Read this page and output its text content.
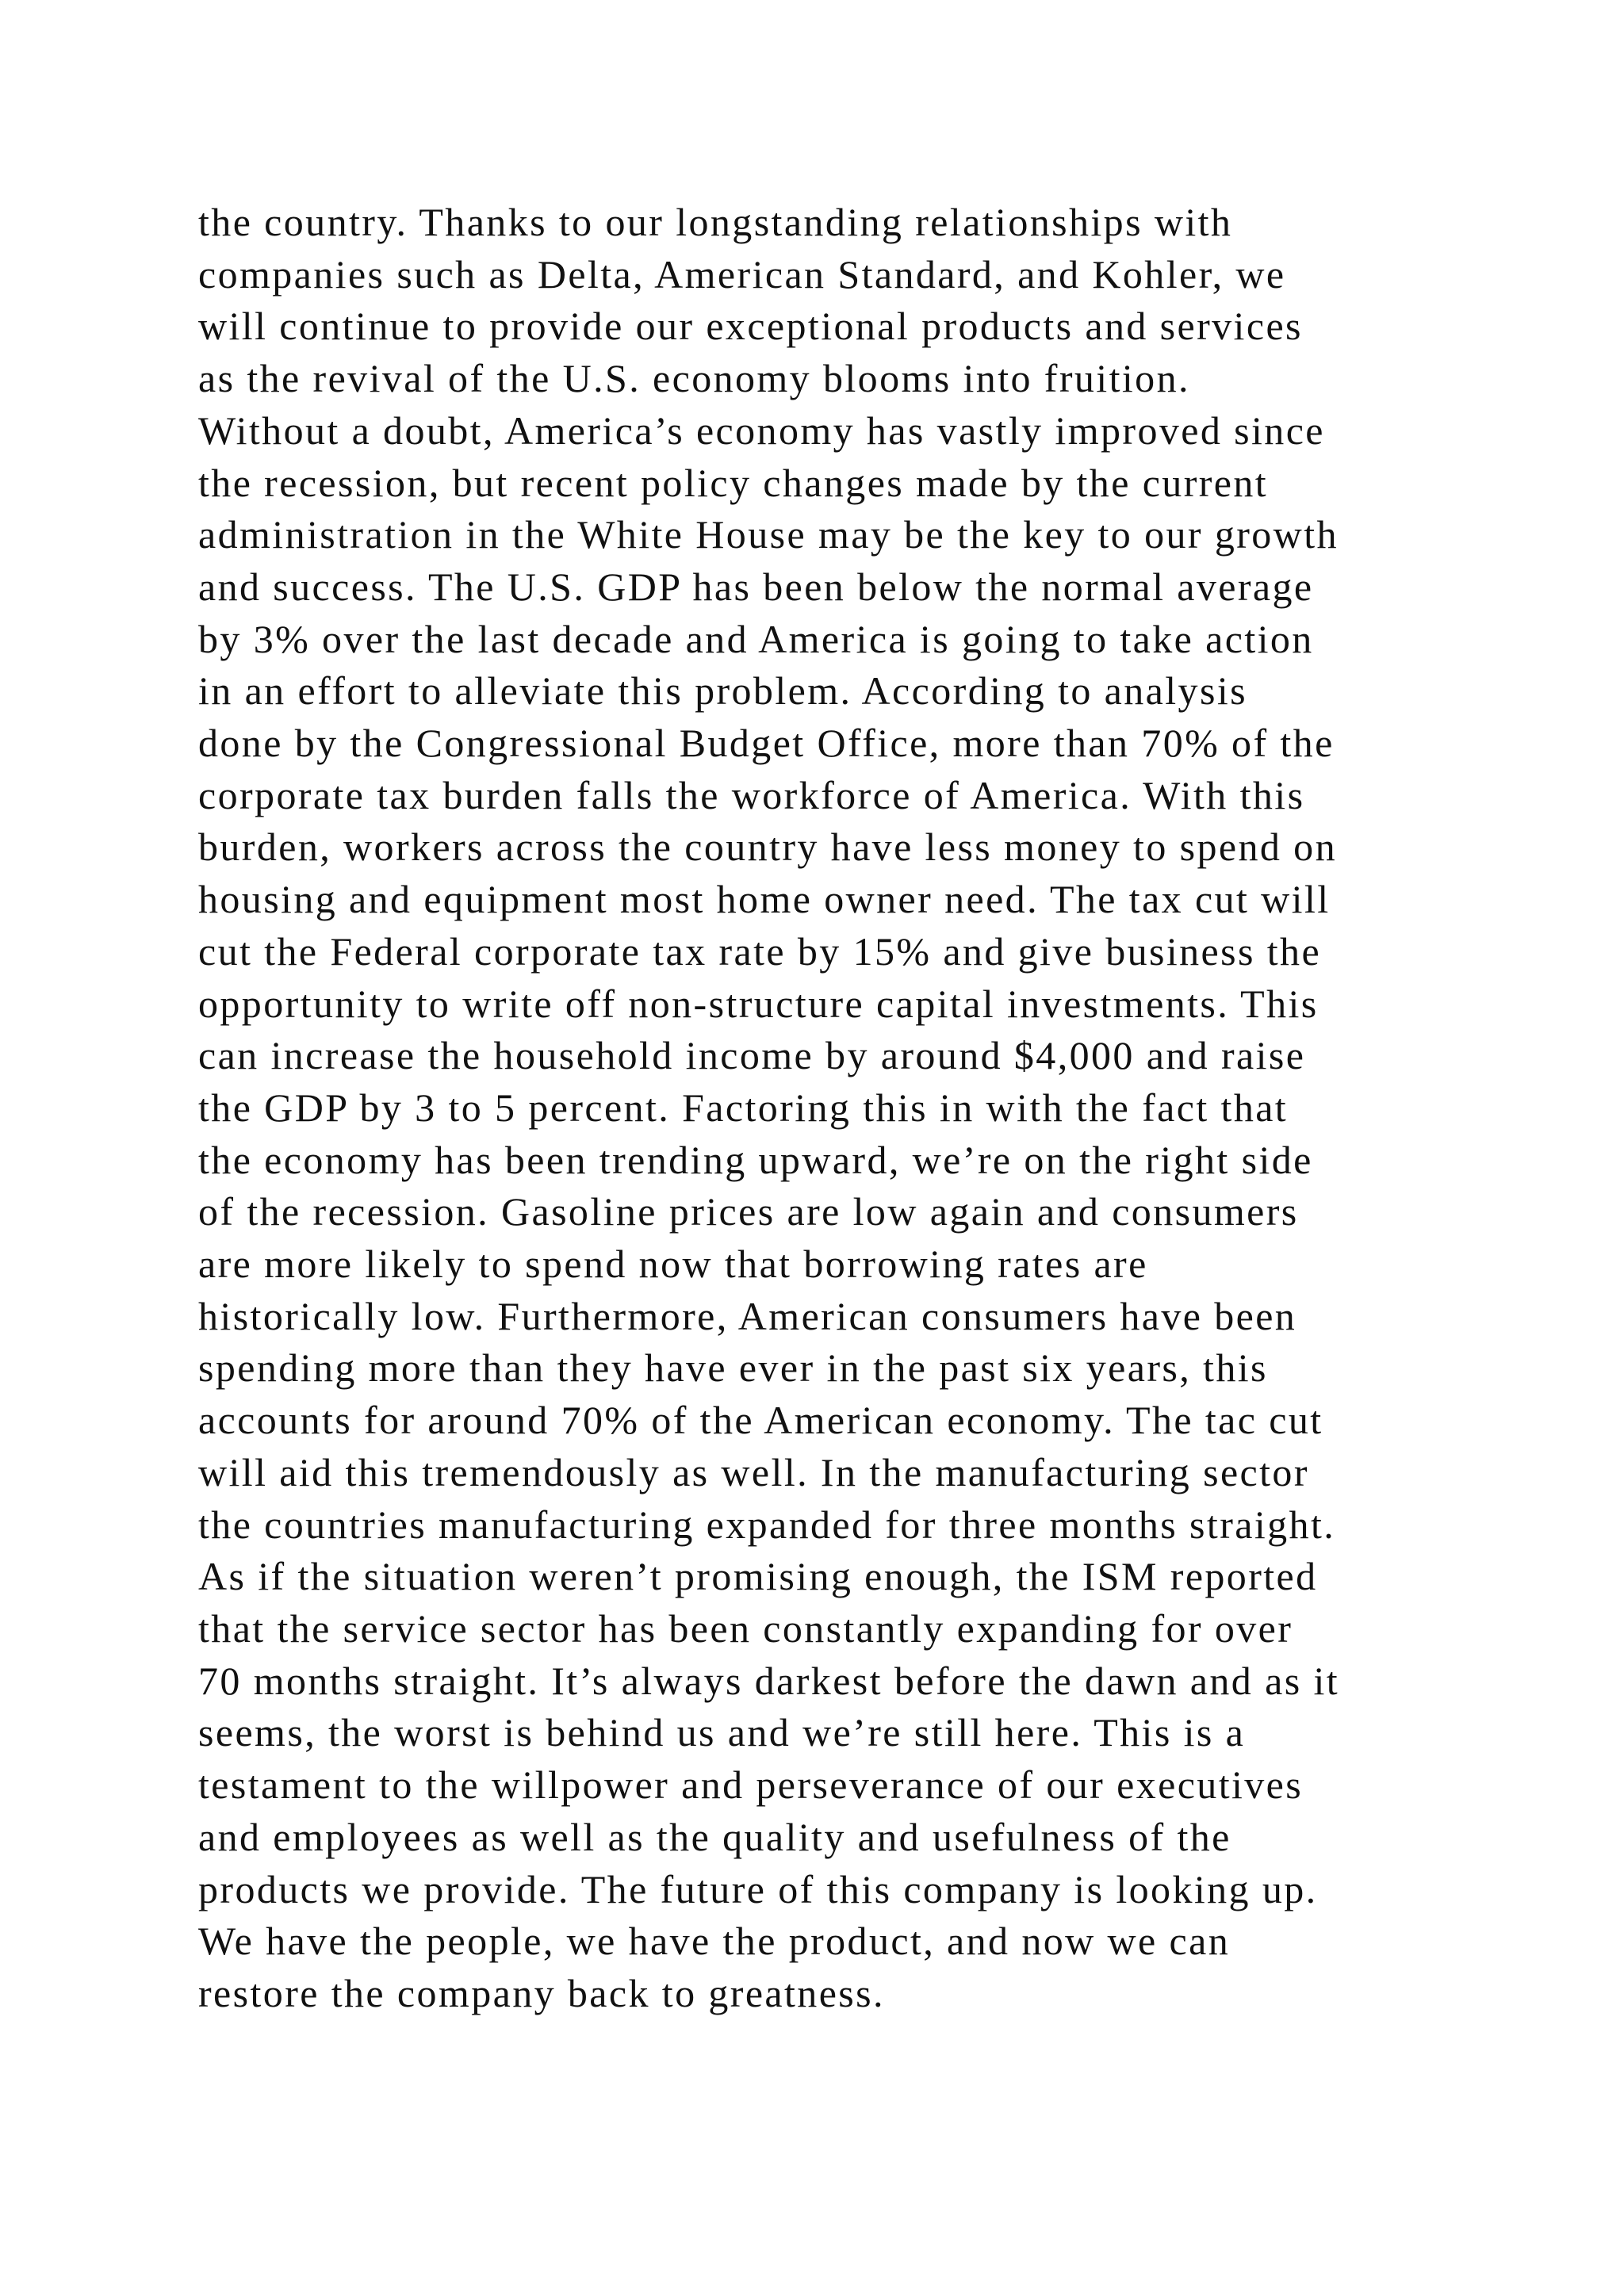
the country. Thanks to our longstanding relationships with
companies such as Delta, American Standard, and Kohler, we
will continue to provide our exceptional products and services
as the revival of the U.S. economy blooms into fruition.
Without a doubt, America’s economy has vastly improved since
the recession, but recent policy changes made by the current
administration in the White House may be the key to our growth
and success. The U.S. GDP has been below the normal average
by 3% over the last decade and America is going to take action
in an effort to alleviate this problem. According to analysis
done by the Congressional Budget Office, more than 70% of the
corporate tax burden falls the workforce of America. With this
burden, workers across the country have less money to spend on
housing and equipment most home owner need. The tax cut will
cut the Federal corporate tax rate by 15% and give business the
opportunity to write off non-structure capital investments. This
can increase the household income by around $4,000 and raise
the GDP by 3 to 5 percent. Factoring this in with the fact that
the economy has been trending upward, we’re on the right side
of the recession. Gasoline prices are low again and consumers
are more likely to spend now that borrowing rates are
historically low. Furthermore, American consumers have been
spending more than they have ever in the past six years, this
accounts for around 70% of the American economy. The tac cut
will aid this tremendously as well. In the manufacturing sector
the countries manufacturing expanded for three months straight.
As if the situation weren’t promising enough, the ISM reported
that the service sector has been constantly expanding for over
70 months straight. It’s always darkest before the dawn and as it
seems, the worst is behind us and we’re still here. This is a
testament to the willpower and perseverance of our executives
and employees as well as the quality and usefulness of the
products we provide. The future of this company is looking up.
We have the people, we have the product, and now we can
restore the company back to greatness.
